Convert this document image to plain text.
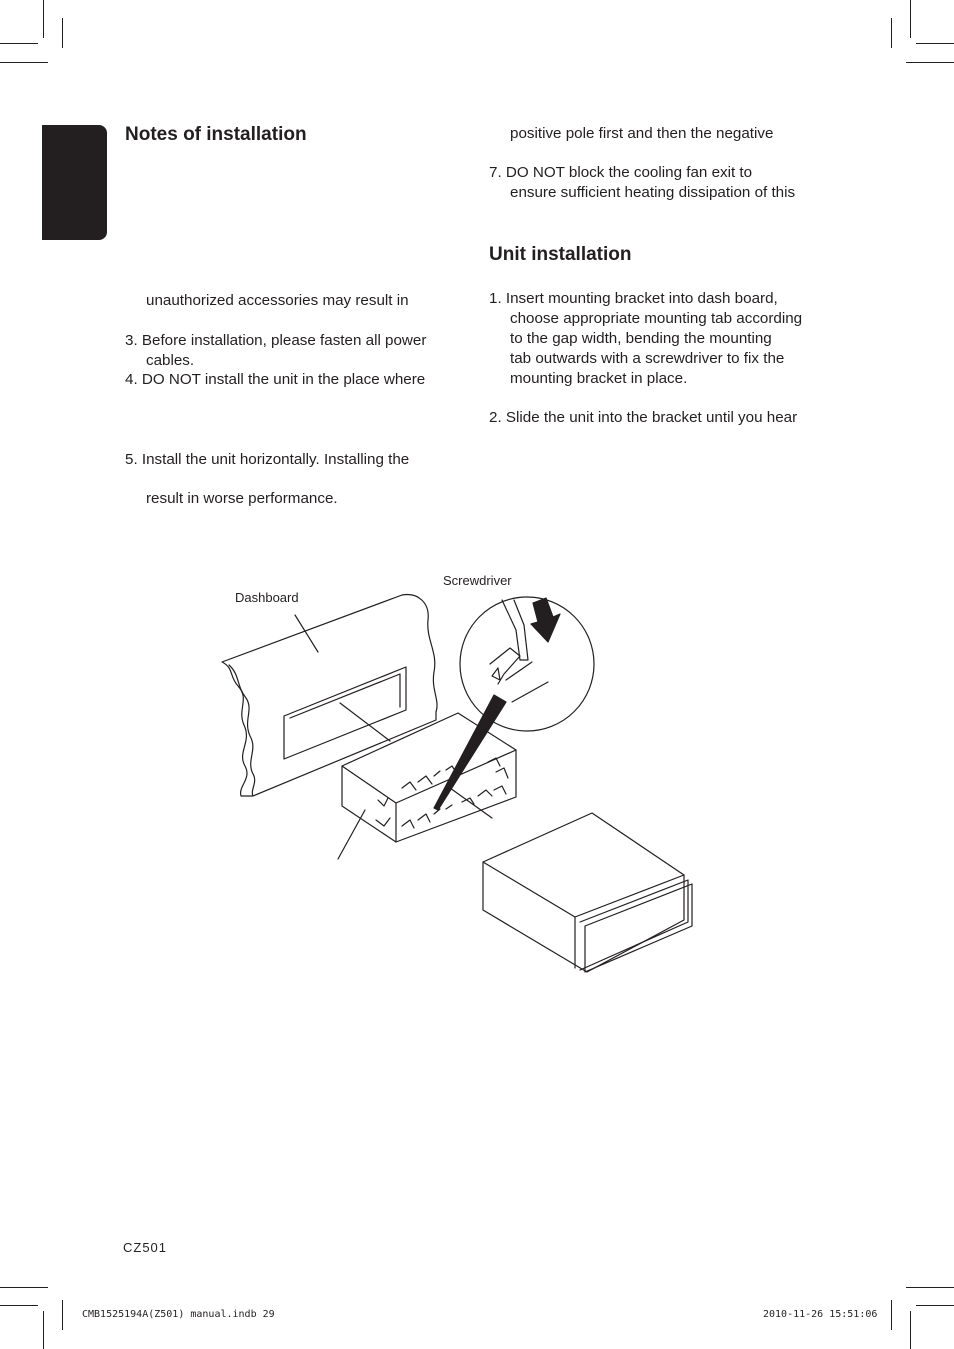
Notes of installation
unauthorized accessories may result in
3. Before installation, please fasten all power
cables.
4. DO NOT install the unit in the place where
5. Install the unit horizontally. Installing the
result in worse performance.
positive pole first and then the negative
7. DO NOT block the cooling fan exit to
ensure sufficient heating dissipation of this
Unit installation
1. Insert mounting bracket into dash board,
choose appropriate mounting tab according
to the gap width, bending the mounting
tab outwards with a screwdriver to fix the
mounting bracket in place.
2. Slide the unit into the bracket until you hear
Dashboard
Screwdriver
CZ501
CMB1525194A(Z501) manual.indb 29	2010-11-26 15:51:06
